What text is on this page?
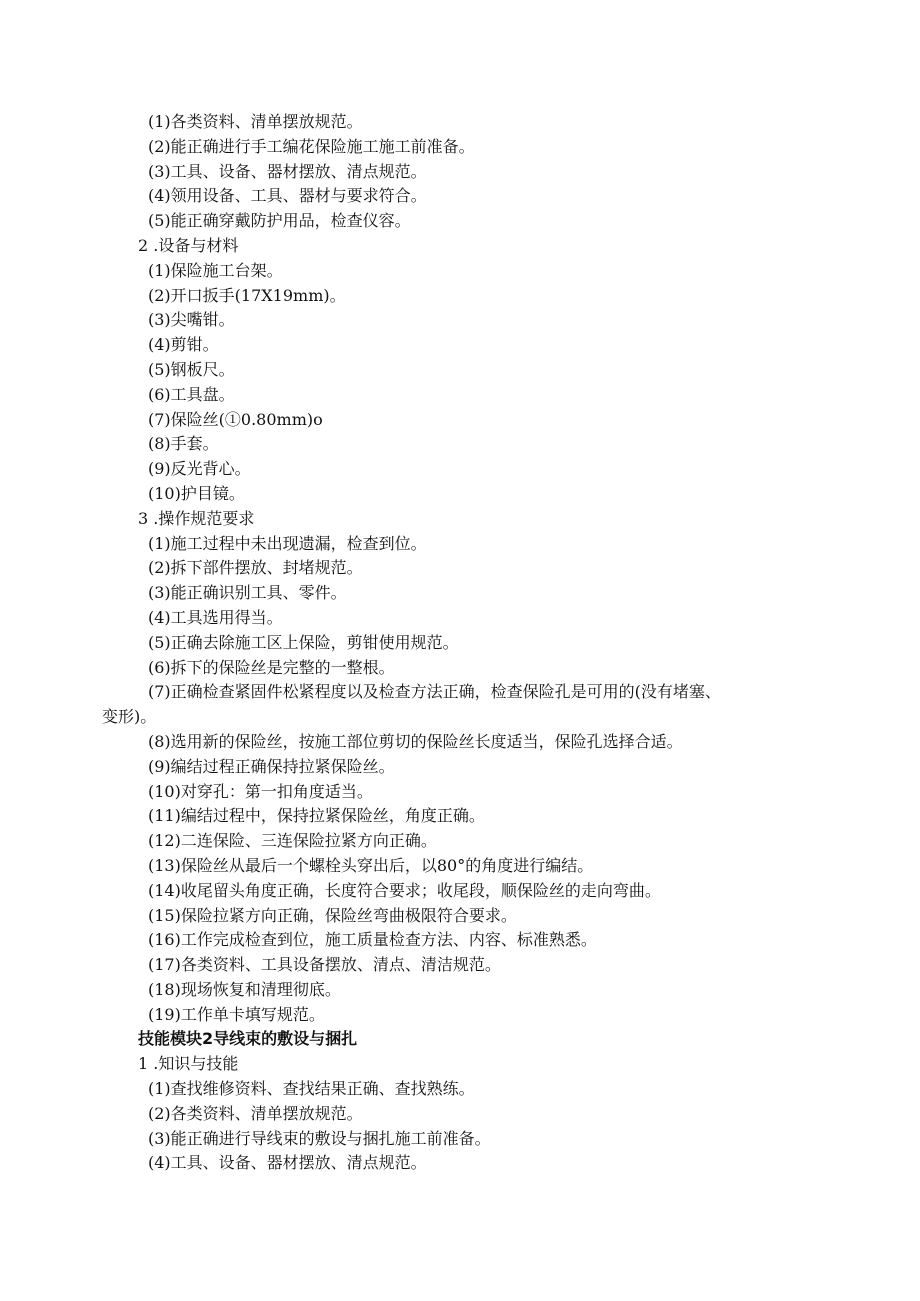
(1)各类资料、清单摆放规范。
(2)能正确进行手工编花保险施工施工前准备。
(3)工具、设备、器材摆放、清点规范。
(4)领用设备、工具、器材与要求符合。
(5)能正确穿戴防护用品，检查仪容。
2 .设备与材料
(1)保险施工台架。
(2)开口扳手(17X19mm)。
(3)尖嘴钳。
(4)剪钳。
(5)钢板尺。
(6)工具盘。
(7)保险丝(①0.80mm)o
(8)手套。
(9)反光背心。
(10)护目镜。
3 .操作规范要求
(1)施工过程中未出现遗漏，检查到位。
(2)拆下部件摆放、封堵规范。
(3)能正确识别工具、零件。
(4)工具选用得当。
(5)正确去除施工区上保险，剪钳使用规范。
(6)拆下的保险丝是完整的一整根。
(7)正确检查紧固件松紧程度以及检查方法正确，检查保险孔是可用的(没有堵塞、
变形)。
(8)选用新的保险丝，按施工部位剪切的保险丝长度适当，保险孔选择合适。
(9)编结过程正确保持拉紧保险丝。
(10)对穿孔：第一扣角度适当。
(11)编结过程中，保持拉紧保险丝，角度正确。
(12)二连保险、三连保险拉紧方向正确。
(13)保险丝从最后一个螺栓头穿出后，以80°的角度进行编结。
(14)收尾留头角度正确，长度符合要求；收尾段，顺保险丝的走向弯曲。
(15)保险拉紧方向正确，保险丝弯曲极限符合要求。
(16)工作完成检查到位，施工质量检查方法、内容、标准熟悉。
(17)各类资料、工具设备摆放、清点、清洁规范。
(18)现场恢复和清理彻底。
(19)工作单卡填写规范。
技能模块2导线束的敷设与捆扎
1 .知识与技能
(1)查找维修资料、查找结果正确、查找熟练。
(2)各类资料、清单摆放规范。
(3)能正确进行导线束的敷设与捆扎施工前准备。
(4)工具、设备、器材摆放、清点规范。
